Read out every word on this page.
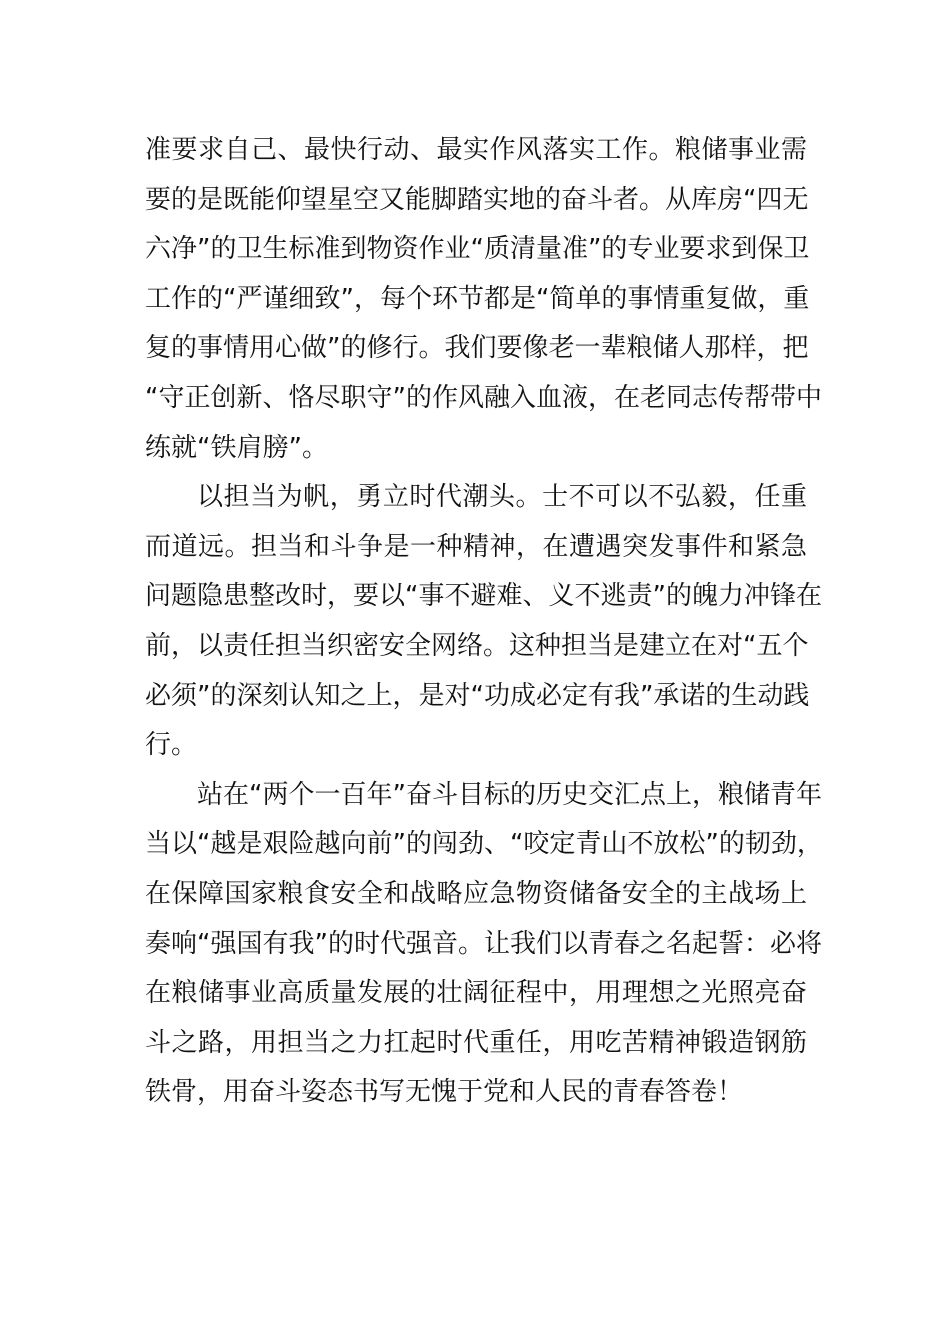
准要求自己、最快行动、最实作风落实工作。粮储事业需
要的是既能仰望星空又能脚踏实地的奋斗者。从库房“四无
六净”的卫生标准到物资作业“质清量准”的专业要求到保卫
工作的“严谨细致”，每个环节都是“简单的事情重复做，重
复的事情用心做”的修行。我们要像老一辈粮储人那样，把
“守正创新、恪尽职守”的作风融入血液，在老同志传帮带中
练就“铁肩膀”。
以担当为帆，勇立时代潮头。士不可以不弘毅，任重
而道远。担当和斗争是一种精神，在遭遇突发事件和紧急
问题隐患整改时，要以“事不避难、义不逃责”的魄力冲锋在
前，以责任担当织密安全网络。这种担当是建立在对“五个
必须”的深刻认知之上，是对“功成必定有我”承诺的生动践
行。
站在“两个一百年”奋斗目标的历史交汇点上，粮储青年
当以“越是艰险越向前”的闯劲、“咬定青山不放松”的韧劲，
在保障国家粮食安全和战略应急物资储备安全的主战场上
奏响“强国有我”的时代强音。让我们以青春之名起誓：必将
在粮储事业高质量发展的壮阔征程中，用理想之光照亮奋
斗之路，用担当之力扛起时代重任，用吃苦精神锻造钢筋
铁骨，用奋斗姿态书写无愧于党和人民的青春答卷！
